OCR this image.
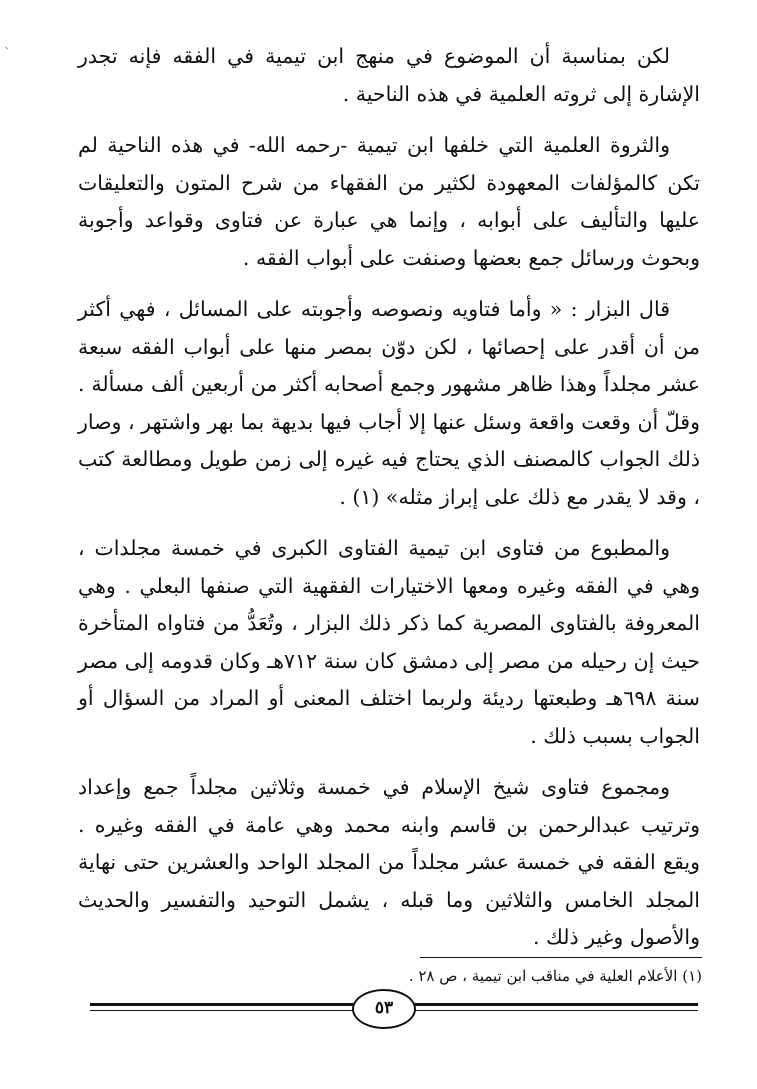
`	لكن بمناسبة أن الموضوع في منهج ابن تيمية في الفقه فإنه تجدر الإشارة إلى ثروته العلمية في هذه الناحية .

والثروة العلمية التي خلفها ابن تيمية -رحمه الله- في هذه الناحية لم تكن كالمؤلفات المعهودة لكثير من الفقهاء من شرح المتون والتعليقات عليها والتأليف على أبوابه ، وإنما هي عبارة عن فتاوى وقواعد وأجوبة وبحوث ورسائل جمع بعضها وصنفت على أبواب الفقه .

قال البزار : « وأما فتاويه ونصوصه وأجوبته على المسائل ، فهي أكثر من أن أقدر على إحصائها ، لكن دوّن بمصر منها على أبواب الفقه سبعة عشر مجلداً وهذا ظاهر مشهور وجمع أصحابه أكثر من أربعين ألف مسألة . وقلّ أن وقعت واقعة وسئل عنها إلا أجاب فيها بديهة بما بهر واشتهر ، وصار ذلك الجواب كالمصنف الذي يحتاج فيه غيره إلى زمن طويل ومطالعة كتب ، وقد لا يقدر مع ذلك على إبراز مثله» (١) .

والمطبوع من فتاوى ابن تيمية الفتاوى الكبرى في خمسة مجلدات ، وهي في الفقه وغيره ومعها الاختيارات الفقهية التي صنفها البعلي . وهي المعروفة بالفتاوى المصرية كما ذكر ذلك البزار ، وتُعَدُّ من فتاواه المتأخرة حيث إن رحيله من مصر إلى دمشق كان سنة ٧١٢هـ وكان قدومه إلى مصر سنة ٦٩٨هـ وطبعتها رديئة ولربما اختلف المعنى أو المراد من السؤال أو الجواب بسبب ذلك .

ومجموع فتاوى شيخ الإسلام في خمسة وثلاثين مجلداً جمع وإعداد وترتيب عبدالرحمن بن قاسم وابنه محمد وهي عامة في الفقه وغيره . ويقع الفقه في خمسة عشر مجلداً من المجلد الواحد والعشرين حتى نهاية المجلد الخامس والثلاثين وما قبله ، يشمل التوحيد والتفسير والحديث والأصول وغير ذلك .

(١) الأعلام العلية في مناقب ابن تيمية ، ص ٢٨ .
٥٣
